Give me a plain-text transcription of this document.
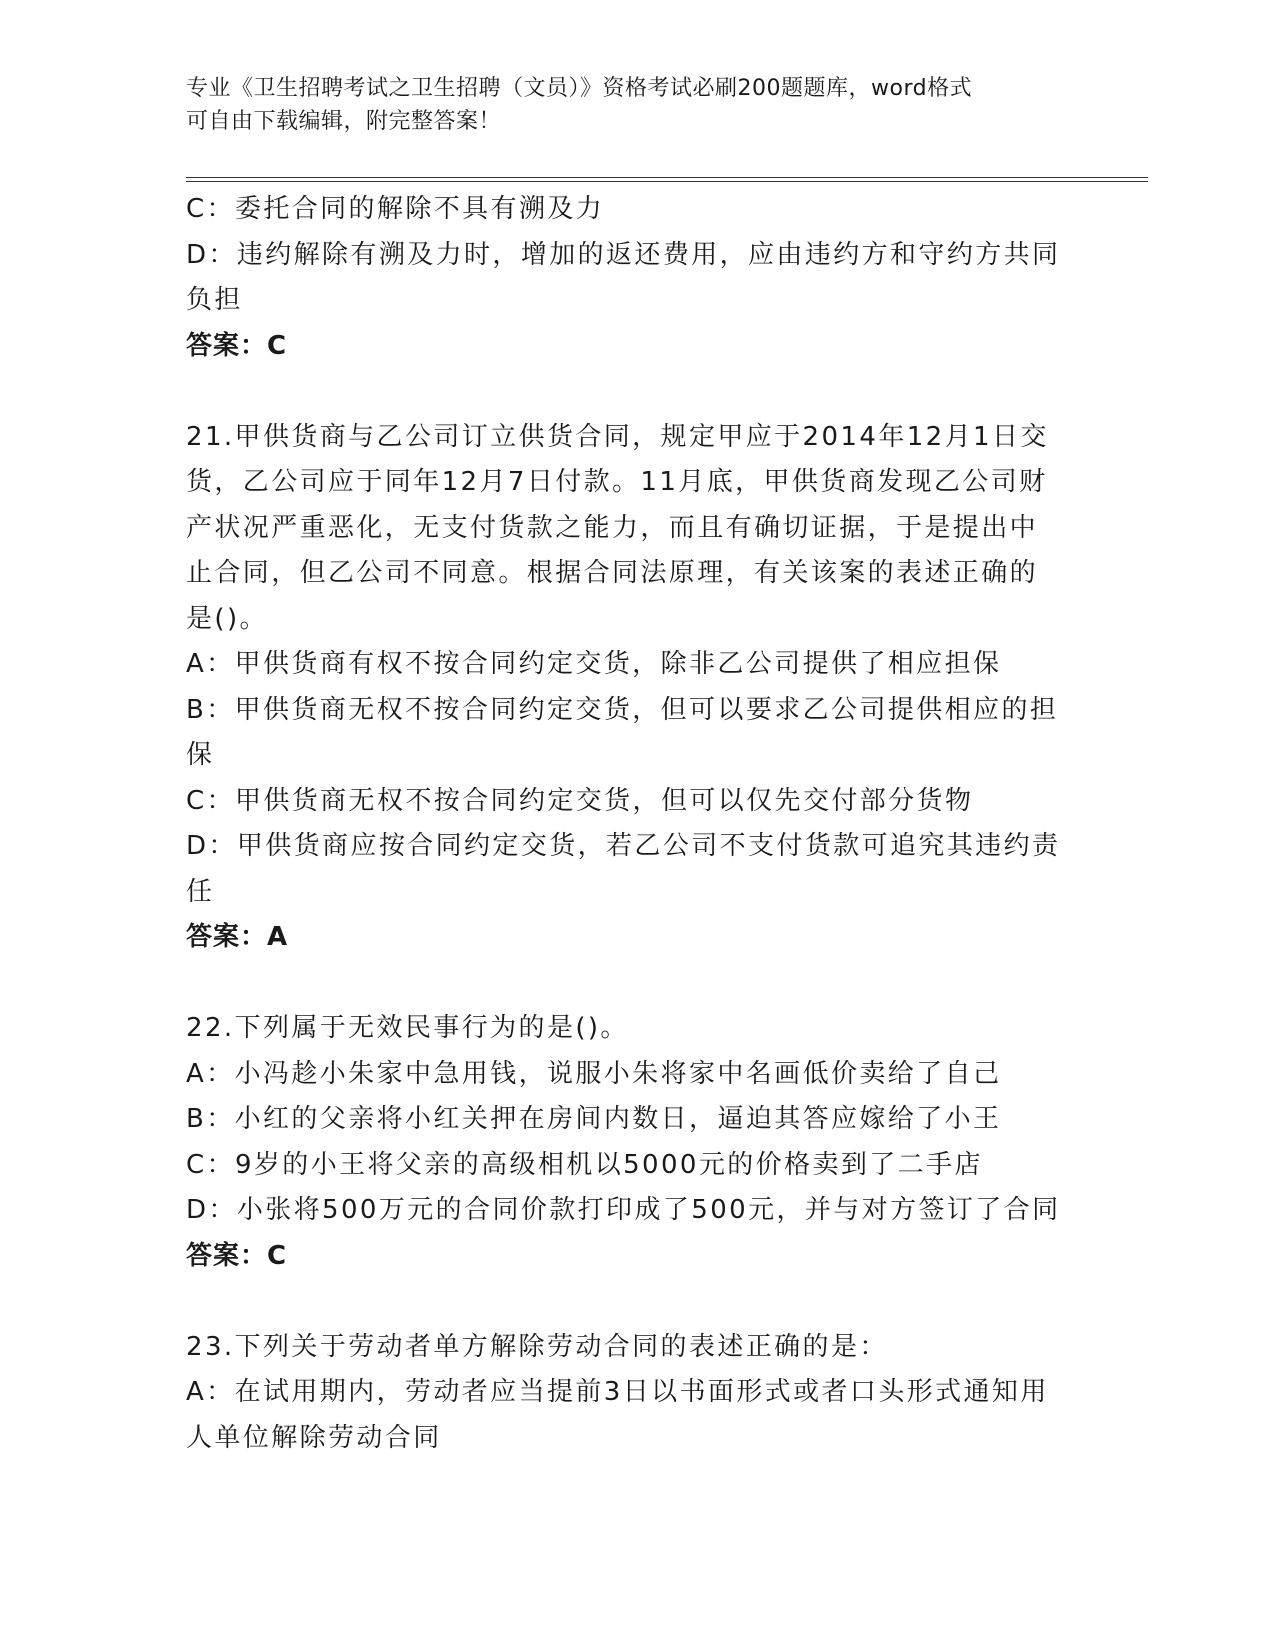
专业《卫生招聘考试之卫生招聘（文员）》资格考试必刷200题题库，word格式
可自由下载编辑，附完整答案！
C：委托合同的解除不具有溯及力
D：违约解除有溯及力时，增加的返还费用，应由违约方和守约方共同
负担
答案：C
21.甲供货商与乙公司订立供货合同，规定甲应于2014年12月1日交
货，乙公司应于同年12月7日付款。11月底，甲供货商发现乙公司财
产状况严重恶化，无支付货款之能力，而且有确切证据，于是提出中
止合同，但乙公司不同意。根据合同法原理，有关该案的表述正确的
是()。
A：甲供货商有权不按合同约定交货，除非乙公司提供了相应担保
B：甲供货商无权不按合同约定交货，但可以要求乙公司提供相应的担
保
C：甲供货商无权不按合同约定交货，但可以仅先交付部分货物
D：甲供货商应按合同约定交货，若乙公司不支付货款可追究其违约责
任
答案：A
22.下列属于无效民事行为的是()。
A：小冯趁小朱家中急用钱，说服小朱将家中名画低价卖给了自己
B：小红的父亲将小红关押在房间内数日，逼迫其答应嫁给了小王
C：9岁的小王将父亲的高级相机以5000元的价格卖到了二手店
D：小张将500万元的合同价款打印成了500元，并与对方签订了合同
答案：C
23.下列关于劳动者单方解除劳动合同的表述正确的是：
A：在试用期内，劳动者应当提前3日以书面形式或者口头形式通知用
人单位解除劳动合同
